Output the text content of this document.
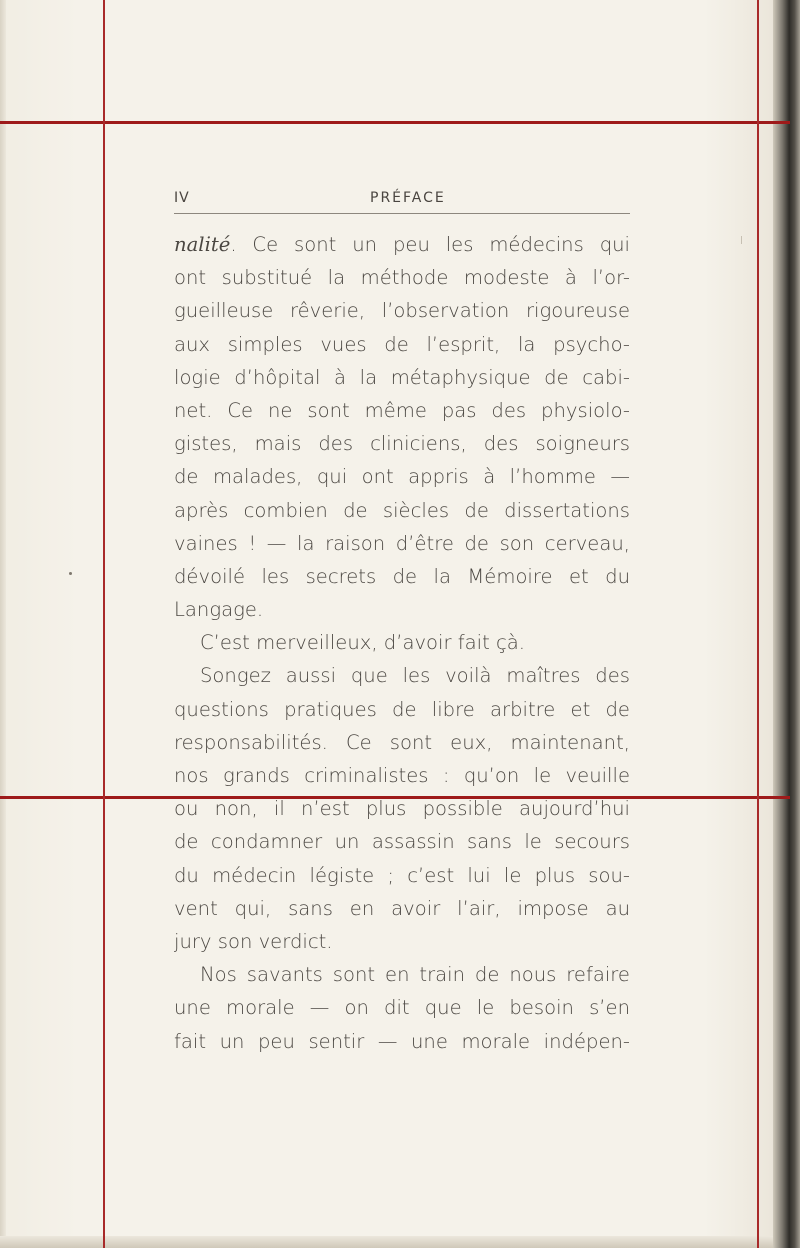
IV	PRÉFACE
nalité. Ce sont un peu les médecins qui
ont substitué la méthode modeste à l’or-
gueilleuse rêverie, l’observation rigoureuse
aux simples vues de l’esprit, la psycho-
logie d’hôpital à la métaphysique de cabi-
net. Ce ne sont même pas des physiolo-
gistes, mais des cliniciens, des soigneurs
de malades, qui ont appris à l’homme —
après combien de siècles de dissertations
vaines ! — la raison d’être de son cerveau,
dévoilé les secrets de la Mémoire et du
Langage.
C’est merveilleux, d’avoir fait çà.
Songez aussi que les voilà maîtres des
questions pratiques de libre arbitre et de
responsabilités. Ce sont eux, maintenant,
nos grands criminalistes : qu’on le veuille
ou non, il n’est plus possible aujourd’hui
de condamner un assassin sans le secours
du médecin légiste ; c’est lui le plus sou-
vent qui, sans en avoir l’air, impose au
jury son verdict.
Nos savants sont en train de nous refaire
une morale — on dit que le besoin s’en
fait un peu sentir — une morale indépen-
